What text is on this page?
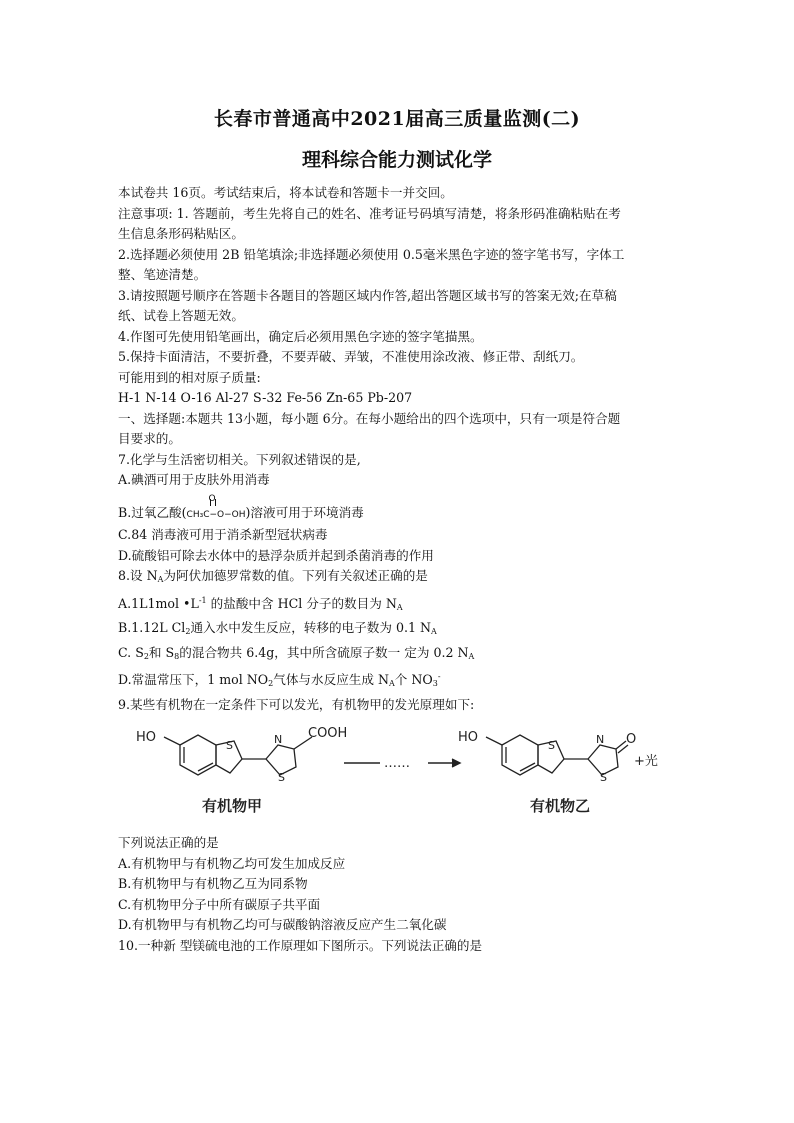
长春市普通高中2021届高三质量监测(二)
理科综合能力测试化学

本试卷共 16页。考试结束后，将本试卷和答题卡一并交回。

注意事项: 1. 答题前，考生先将自己的姓名、准考证号码填写清楚，将条形码准确粘贴在考

生信息条形码粘贴区。

2.选择题必须使用 2B 铅笔填涂;非选择题必须使用 0.5毫米黑色字迹的签字笔书写，字体工

整、笔迹清楚。

3.请按照题号顺序在答题卡各题目的答题区域内作答,超出答题区域书写的答案无效;在草稿

纸、试卷上答题无效。

4.作图可先使用铅笔画出，确定后必须用黑色字迹的签字笔描黑。

5.保持卡面清洁，不要折叠，不要弄破、弄皱，不准使用涂改液、修正带、刮纸刀。

可能用到的相对原子质量:

H-1 N-14 O-16 Al-27 S-32 Fe-56 Zn-65 Pb-207

一、选择题:本题共 13小题，每小题 6分。在每小题给出的四个选项中，只有一项是符合题

目要求的。

7.化学与生活密切相关。下列叙述错误的是,

A.碘酒可用于皮肤外用消毒

B.过氧乙酸(
O
CH₃C−O−OH)溶液可用于环境消毒

C.84 消毒液可用于消杀新型冠状病毒

D.硫酸铝可除去水体中的悬浮杂质并起到杀菌消毒的作用

8.设 $N_A$为阿伏加德罗常数的值。下列有关叙述正确的是

A.1L1mol $•L^{-1}$ 的盐酸中含 HCl 分子的数目为 $N_A$

B.1.12L $Cl_2$通入水中发生反应，转移的电子数为 0.1 $N_A$

C. $S_2$和 $S_8$的混合物共 6.4g，其中所含硫原子数一 定为 0.2 $N_A$

D.常温常压下，1 mol $NO_2$气体与水反应生成 $N_A$个 $NO_3^-$

9.某些有机物在一定条件下可以发光，有机物甲的发光原理如下:

HO
S	N
S
COOH
……
HO
S	N
S
O
+光
有机物甲	有机物乙

下列说法正确的是

A.有机物甲与有机物乙均可发生加成反应

B.有机物甲与有机物乙互为同系物

C.有机物甲分子中所有碳原子共平面

D.有机物甲与有机物乙均可与碳酸钠溶液反应产生二氧化碳

10.一种新 型镁硫电池的工作原理如下图所示。下列说法正确的是
